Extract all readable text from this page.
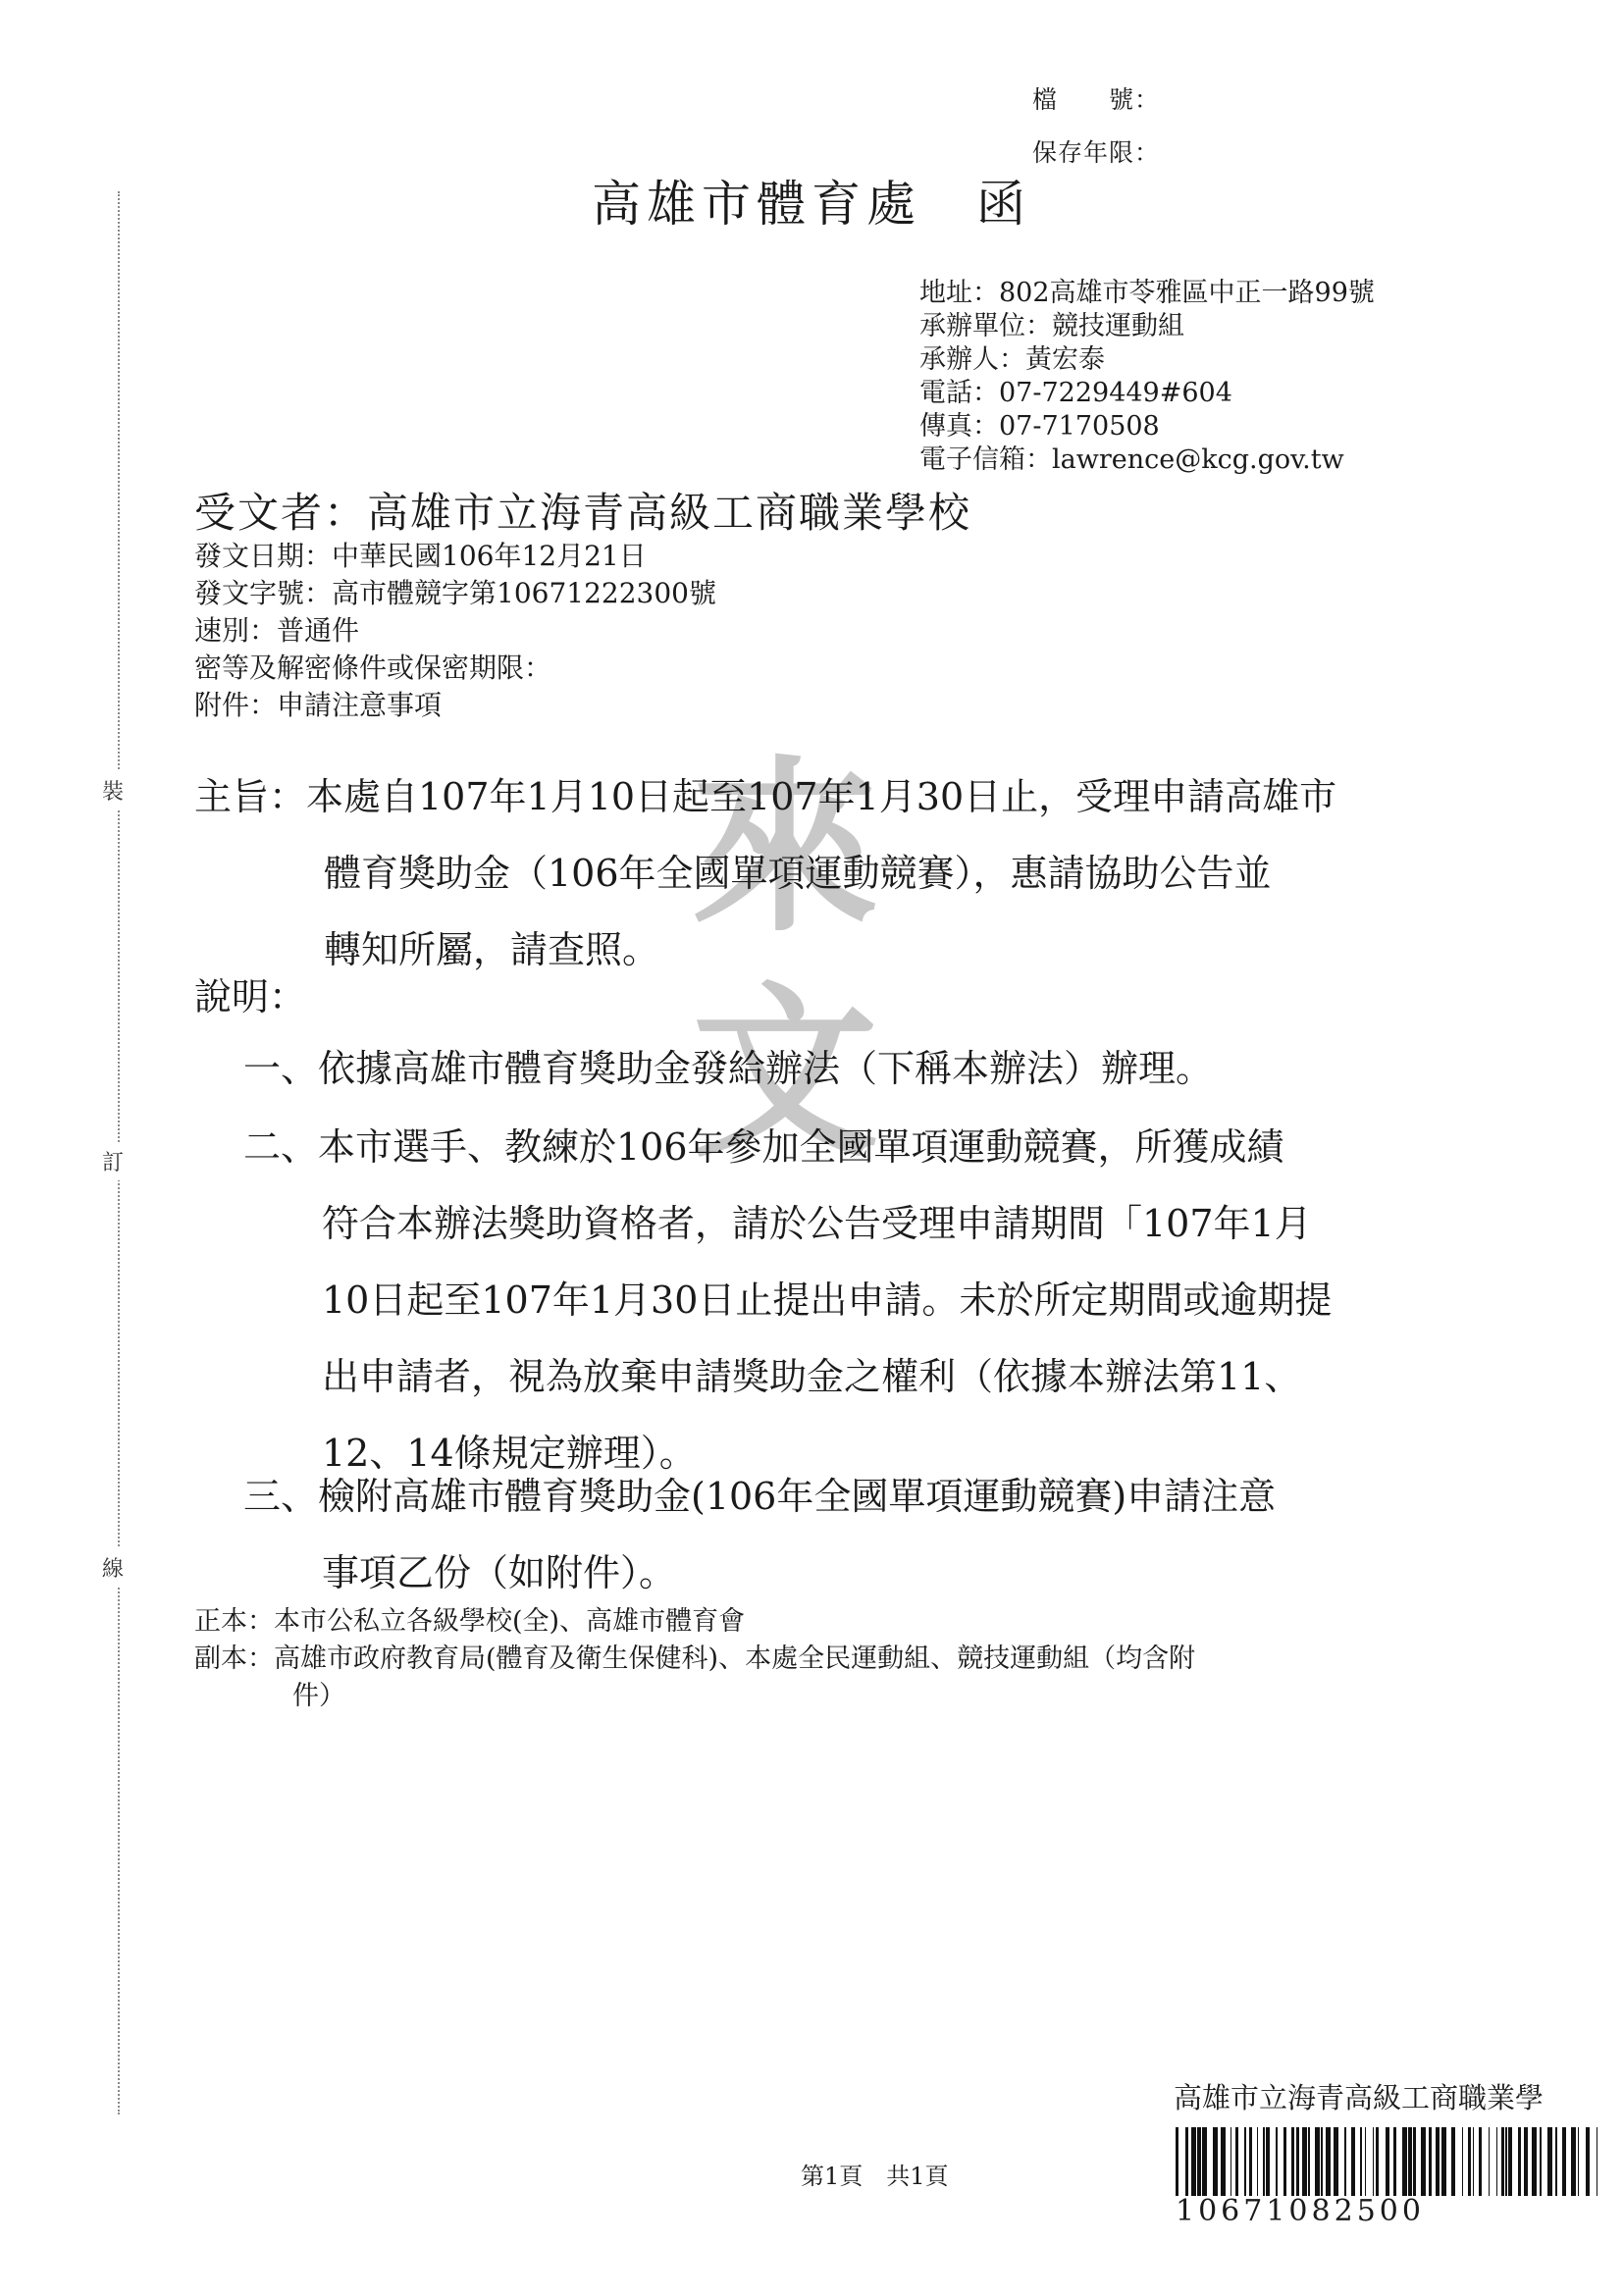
檔　　號：
保存年限：
高雄市體育處　函
地址：802高雄市苓雅區中正一路99號
承辦單位：競技運動組
承辦人：黃宏泰
電話：07-7229449#604
傳真：07-7170508
電子信箱：lawrence@kcg.gov.tw
受文者：高雄市立海青高級工商職業學校
發文日期：中華民國106年12月21日
發文字號：高市體競字第10671222300號
速別：普通件
密等及解密條件或保密期限：
附件：申請注意事項
裝
訂
線
來
文
主旨：本處自107年1月10日起至107年1月30日止，受理申請高雄市
體育獎助金（106年全國單項運動競賽），惠請協助公告並
轉知所屬，請查照。
說明：
一、依據高雄市體育獎助金發給辦法（下稱本辦法）辦理。
二、本市選手、教練於106年參加全國單項運動競賽，所獲成績
符合本辦法獎助資格者，請於公告受理申請期間「107年1月
10日起至107年1月30日止提出申請。未於所定期間或逾期提
出申請者，視為放棄申請獎助金之權利（依據本辦法第11、
12、14條規定辦理）。
三、檢附高雄市體育獎助金(106年全國單項運動競賽)申請注意
事項乙份（如附件）。
正本：本市公私立各級學校(全)、高雄市體育會
副本：高雄市政府教育局(體育及衛生保健科)、本處全民運動組、競技運動組（均含附
件）
第1頁　共1頁
高雄市立海青高級工商職業學
10671082500
